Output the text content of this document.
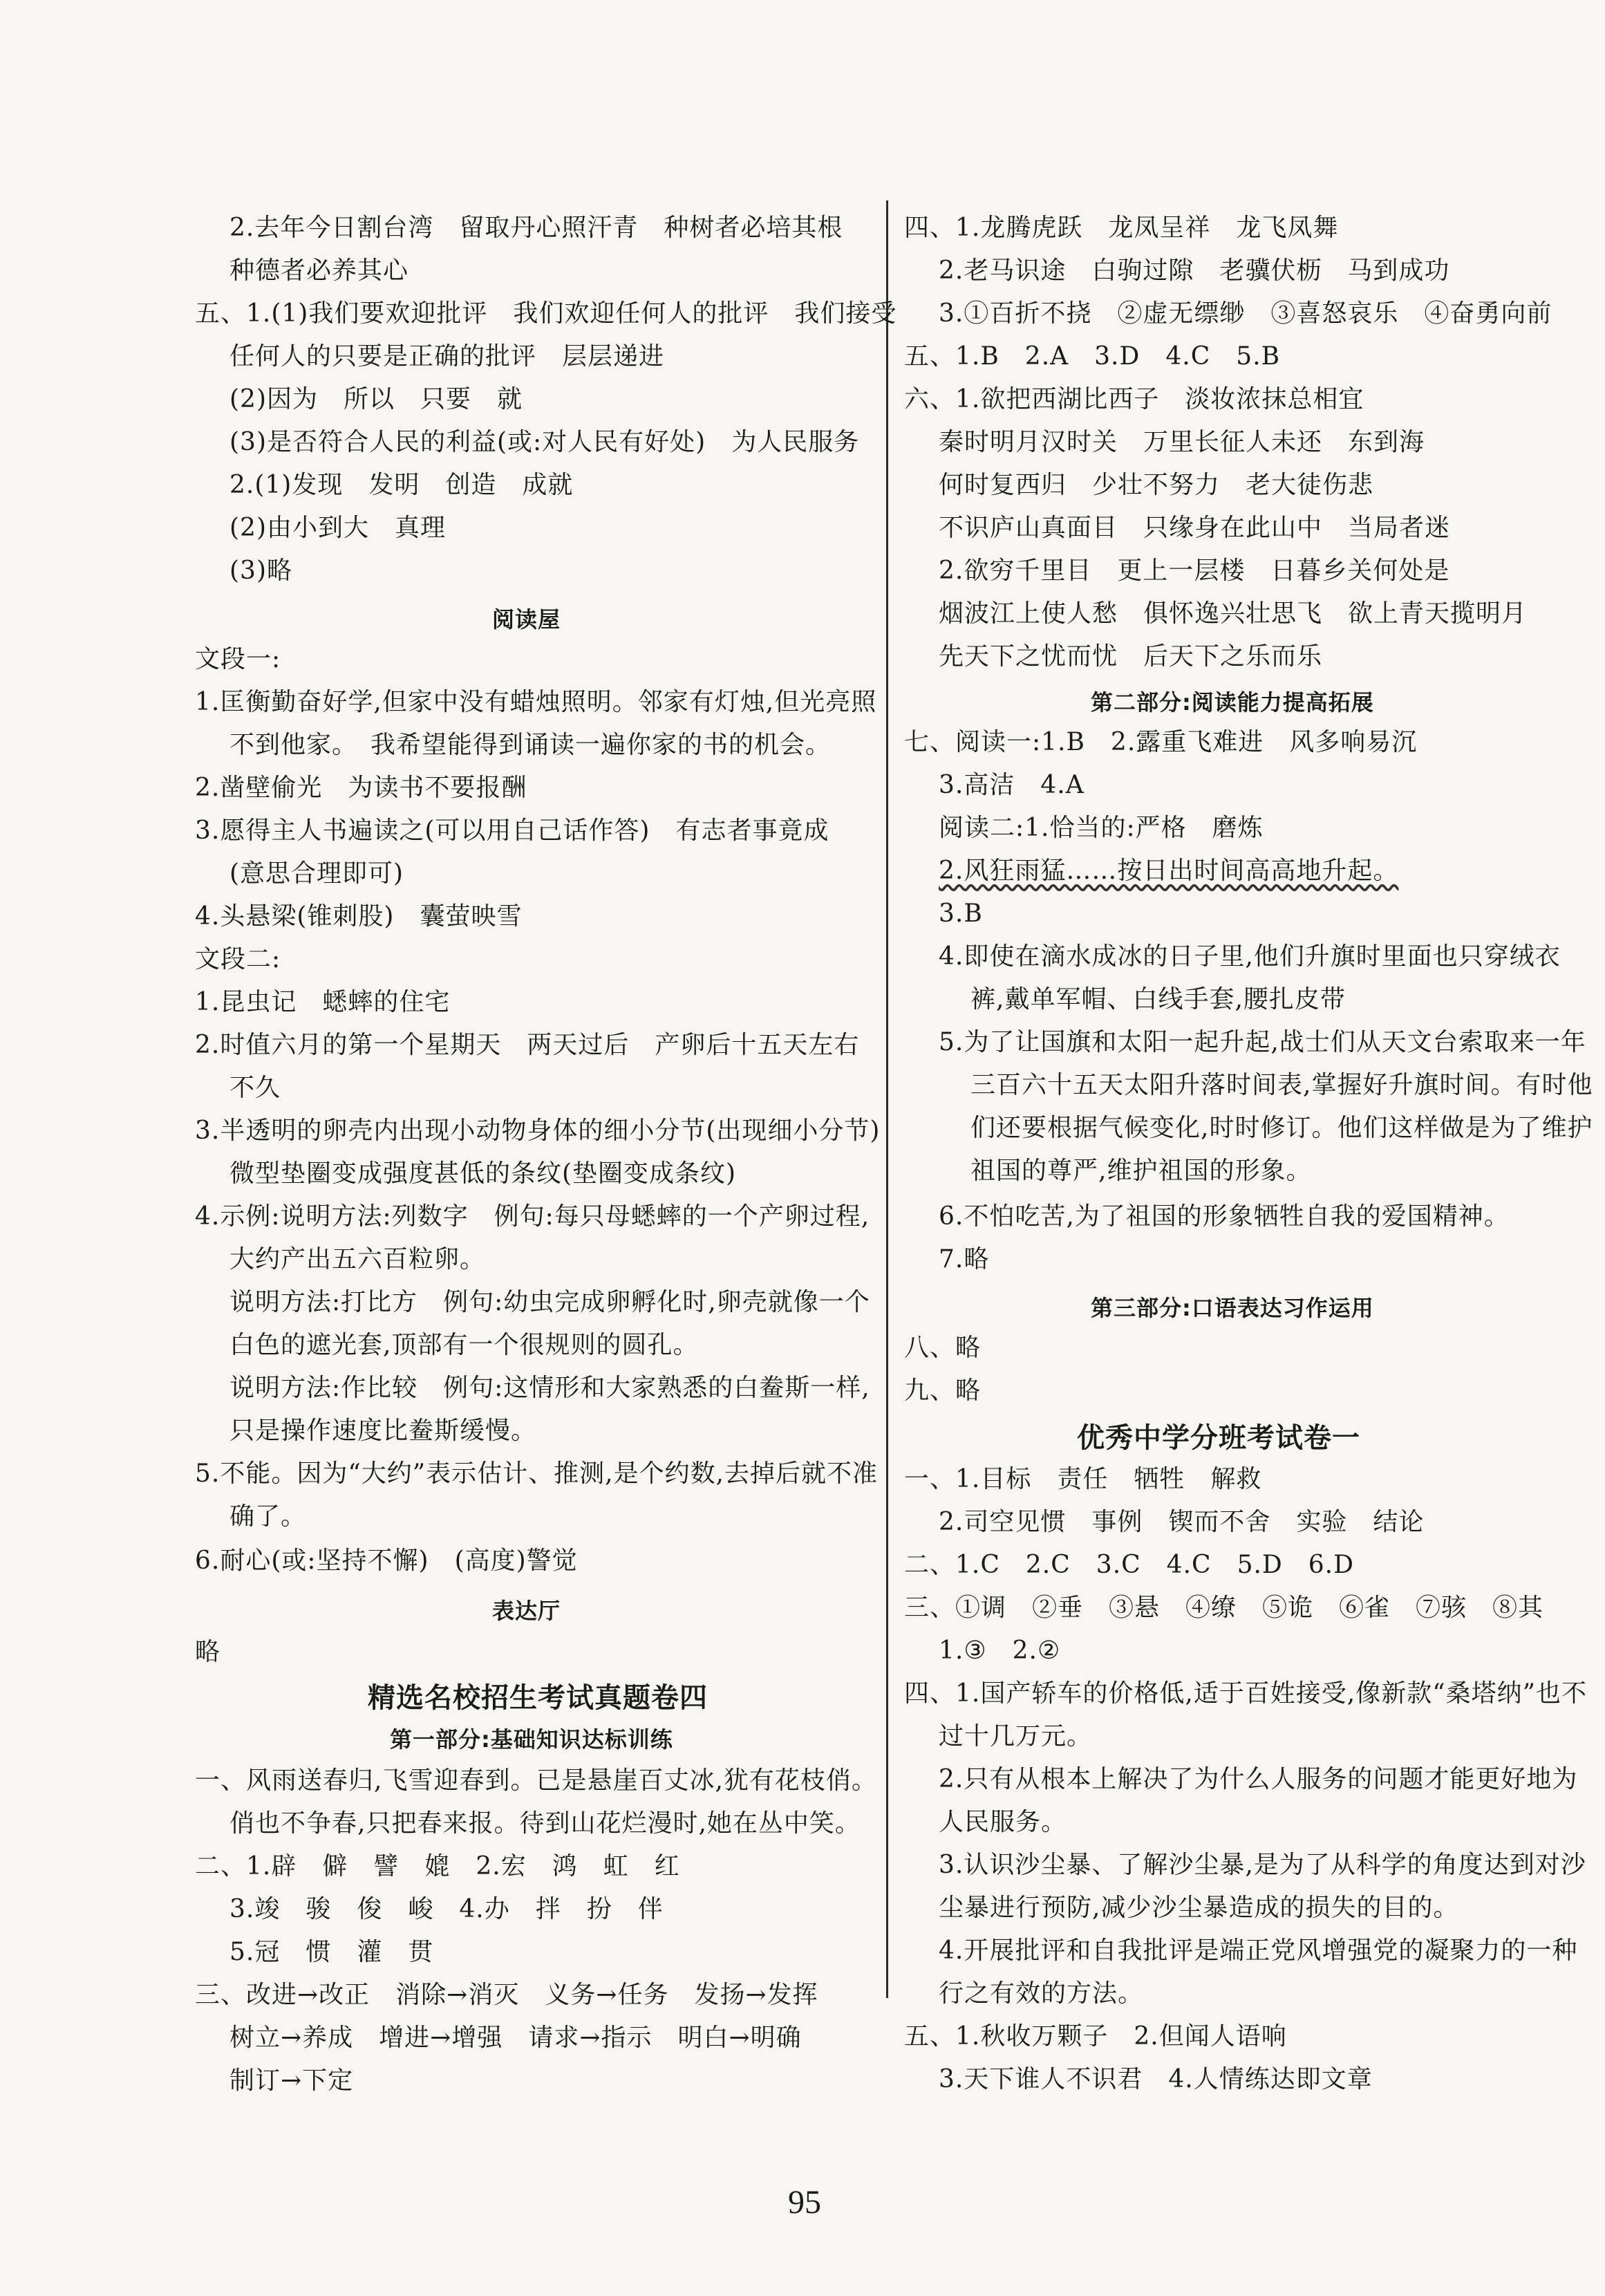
2.去年今日割台湾　留取丹心照汗青　种树者必培其根
种德者必养其心
五、1.(1)我们要欢迎批评　我们欢迎任何人的批评　我们接受
任何人的只要是正确的批评　层层递进
(2)因为　所以　只要　就
(3)是否符合人民的利益(或:对人民有好处)　为人民服务
2.(1)发现　发明　创造　成就
(2)由小到大　真理
(3)略
阅读屋
文段一:
1.匡衡勤奋好学,但家中没有蜡烛照明。邻家有灯烛,但光亮照
不到他家。　我希望能得到诵读一遍你家的书的机会。
2.凿壁偷光　为读书不要报酬
3.愿得主人书遍读之(可以用自己话作答)　有志者事竟成
(意思合理即可)
4.头悬梁(锥刺股)　囊萤映雪
文段二:
1.昆虫记　蟋蟀的住宅
2.时值六月的第一个星期天　两天过后　产卵后十五天左右
不久
3.半透明的卵壳内出现小动物身体的细小分节(出现细小分节)
微型垫圈变成强度甚低的条纹(垫圈变成条纹)
4.示例:说明方法:列数字　例句:每只母蟋蟀的一个产卵过程,
大约产出五六百粒卵。
说明方法:打比方　例句:幼虫完成卵孵化时,卵壳就像一个
白色的遮光套,顶部有一个很规则的圆孔。
说明方法:作比较　例句:这情形和大家熟悉的白鲞斯一样,
只是操作速度比鲞斯缓慢。
5.不能。因为“大约”表示估计、推测,是个约数,去掉后就不准
确了。
6.耐心(或:坚持不懈)　(高度)警觉
表达厅
略
精选名校招生考试真题卷四
第一部分:基础知识达标训练
一、风雨送春归,飞雪迎春到。已是悬崖百丈冰,犹有花枝俏。
俏也不争春,只把春来报。待到山花烂漫时,她在丛中笑。
二、1.辟　僻　譬　媲　2.宏　鸿　虹　红
3.竣　骏　俊　峻　4.办　拌　扮　伴
5.冠　惯　灌　贯
三、改进→改正　消除→消灭　义务→任务　发扬→发挥
树立→养成　增进→增强　请求→指示　明白→明确
制订→下定
四、1.龙腾虎跃　龙凤呈祥　龙飞凤舞
2.老马识途　白驹过隙　老骥伏枥　马到成功
3.①百折不挠　②虚无缥缈　③喜怒哀乐　④奋勇向前
五、1.B　2.A　3.D　4.C　5.B
六、1.欲把西湖比西子　淡妆浓抹总相宜
秦时明月汉时关　万里长征人未还　东到海
何时复西归　少壮不努力　老大徒伤悲
不识庐山真面目　只缘身在此山中　当局者迷
2.欲穷千里目　更上一层楼　日暮乡关何处是
烟波江上使人愁　俱怀逸兴壮思飞　欲上青天揽明月
先天下之忧而忧　后天下之乐而乐
第二部分:阅读能力提高拓展
七、阅读一:1.B　2.露重飞难进　风多响易沉
3.高洁　4.A
阅读二:1.恰当的:严格　磨炼
2.风狂雨猛……按日出时间高高地升起。
3.B
4.即使在滴水成冰的日子里,他们升旗时里面也只穿绒衣
裤,戴单军帽、白线手套,腰扎皮带
5.为了让国旗和太阳一起升起,战士们从天文台索取来一年
三百六十五天太阳升落时间表,掌握好升旗时间。有时他
们还要根据气候变化,时时修订。他们这样做是为了维护
祖国的尊严,维护祖国的形象。
6.不怕吃苦,为了祖国的形象牺牲自我的爱国精神。
7.略
第三部分:口语表达习作运用
八、略
九、略
优秀中学分班考试卷一
一、1.目标　责任　牺牲　解救
2.司空见惯　事例　锲而不舍　实验　结论
二、1.C　2.C　3.C　4.C　5.D　6.D
三、①调　②垂　③悬　④缭　⑤诡　⑥雀　⑦骇　⑧其
1.③　2.②
四、1.国产轿车的价格低,适于百姓接受,像新款“桑塔纳”也不
过十几万元。
2.只有从根本上解决了为什么人服务的问题才能更好地为
人民服务。
3.认识沙尘暴、了解沙尘暴,是为了从科学的角度达到对沙
尘暴进行预防,减少沙尘暴造成的损失的目的。
4.开展批评和自我批评是端正党风增强党的凝聚力的一种
行之有效的方法。
五、1.秋收万颗子　2.但闻人语响
3.天下谁人不识君　4.人情练达即文章
95
